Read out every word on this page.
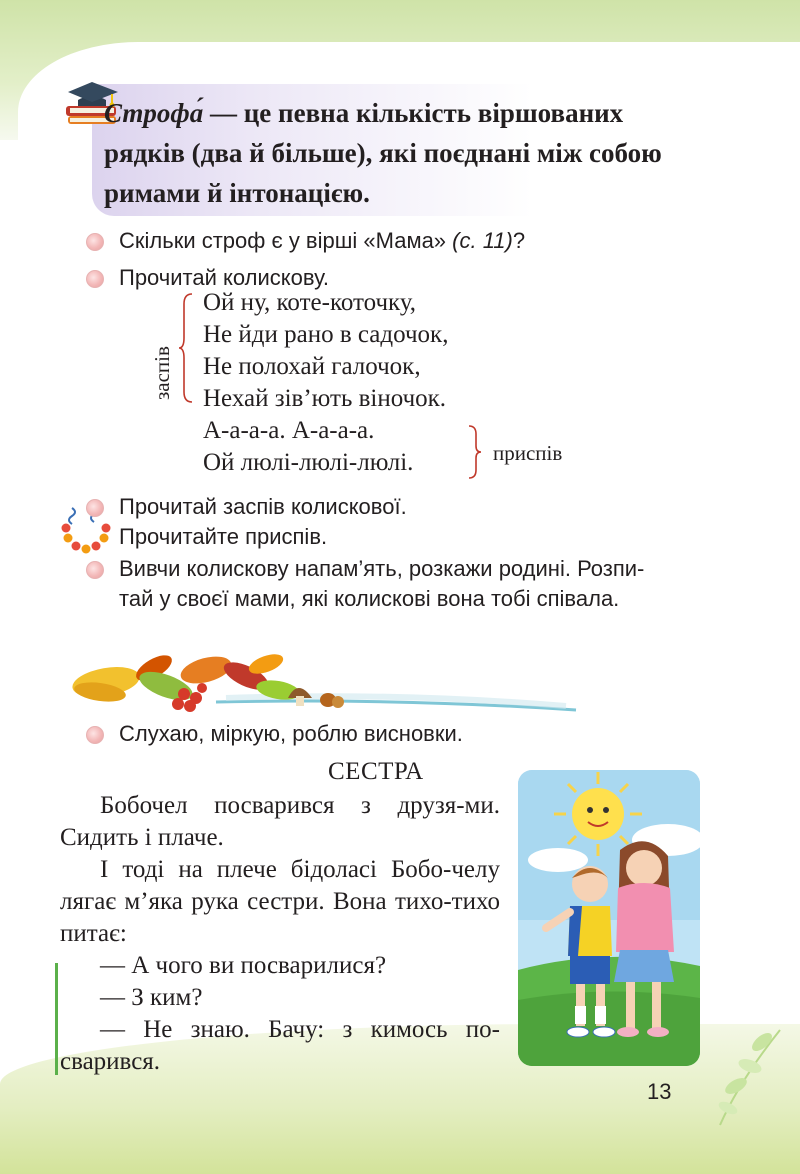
Строфа́ — це певна кількість віршованих
рядків (два й більше), які поєднані між собою
римами й інтонацією.
Скільки строф є у вірші «Мама» (с. 11)?
Прочитай колискову.
заспів
Ой ну, коте-коточку,
Не йди рано в садочок,
Не полохай галочок,
Нехай зів’ють віночок.
А-а-а-а. А-а-а-а.
Ой люлі-люлі-люлі.	приспів
Прочитай заспів колискової.
Прочитайте приспів.
Вивчи колискову напам’ять, розкажи родині. Розпи-
тай у своєї мами, які колискові вона тобі співала.
Слухаю, міркую, роблю висновки.
СЕСТРА

Бобочел посварився з друзя-ми. Сидить і плаче.

І тоді на плече бідоласі Бобо-челу лягає м’яка рука сестри. Вона тихо-тихо питає:

— А чого ви посварилися?

— З ким?

— Не знаю. Бачу: з кимось по-сварився.

13
